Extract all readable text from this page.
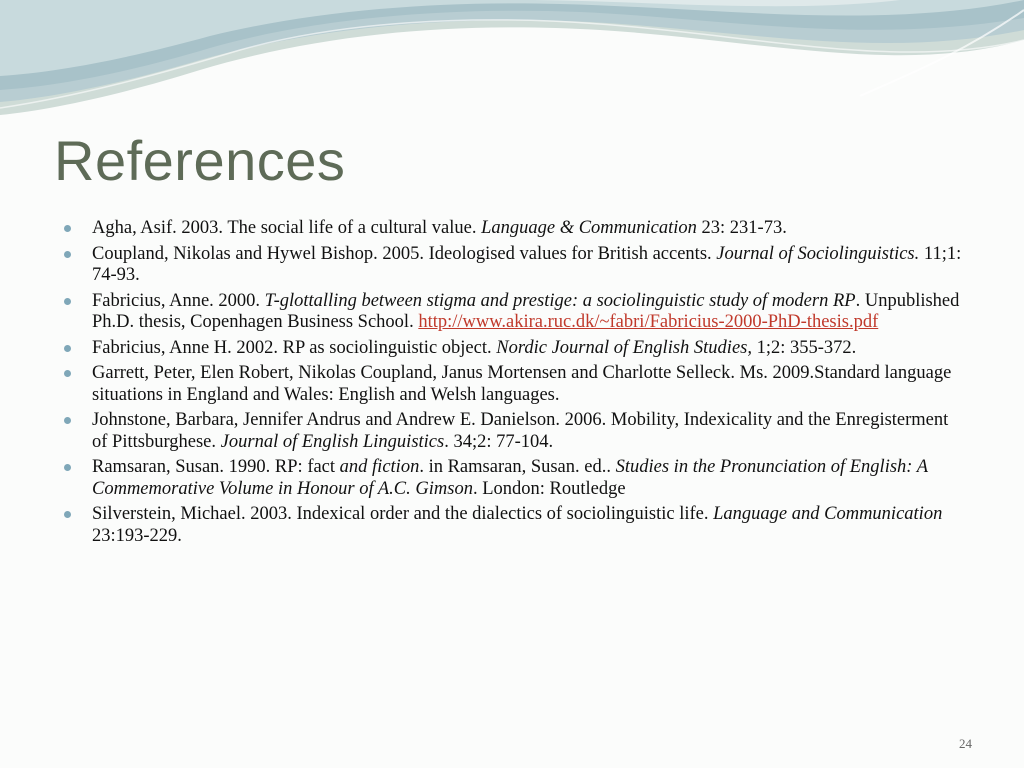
References
Agha, Asif. 2003. The social life of a cultural value. Language & Communication 23: 231-73.
Coupland, Nikolas and Hywel Bishop. 2005. Ideologised values for British accents. Journal of Sociolinguistics. 11;1: 74-93.
Fabricius, Anne. 2000. T-glottalling between stigma and prestige: a sociolinguistic study of modern RP. Unpublished Ph.D. thesis, Copenhagen Business School. http://www.akira.ruc.dk/~fabri/Fabricius-2000-PhD-thesis.pdf
Fabricius, Anne H. 2002. RP as sociolinguistic object. Nordic Journal of English Studies, 1;2: 355-372.
Garrett, Peter, Elen Robert, Nikolas Coupland, Janus Mortensen and Charlotte Selleck. Ms. 2009.Standard language situations in England and Wales: English and Welsh languages.
Johnstone, Barbara, Jennifer Andrus and Andrew E. Danielson. 2006. Mobility, Indexicality and the Enregisterment of Pittsburghese. Journal of English Linguistics. 34;2: 77-104.
Ramsaran, Susan. 1990. RP: fact and fiction. in Ramsaran, Susan. ed.. Studies in the Pronunciation of English: A Commemorative Volume in Honour of A.C. Gimson. London: Routledge
Silverstein, Michael. 2003. Indexical order and the dialectics of sociolinguistic life. Language and Communication 23:193-229.
24
